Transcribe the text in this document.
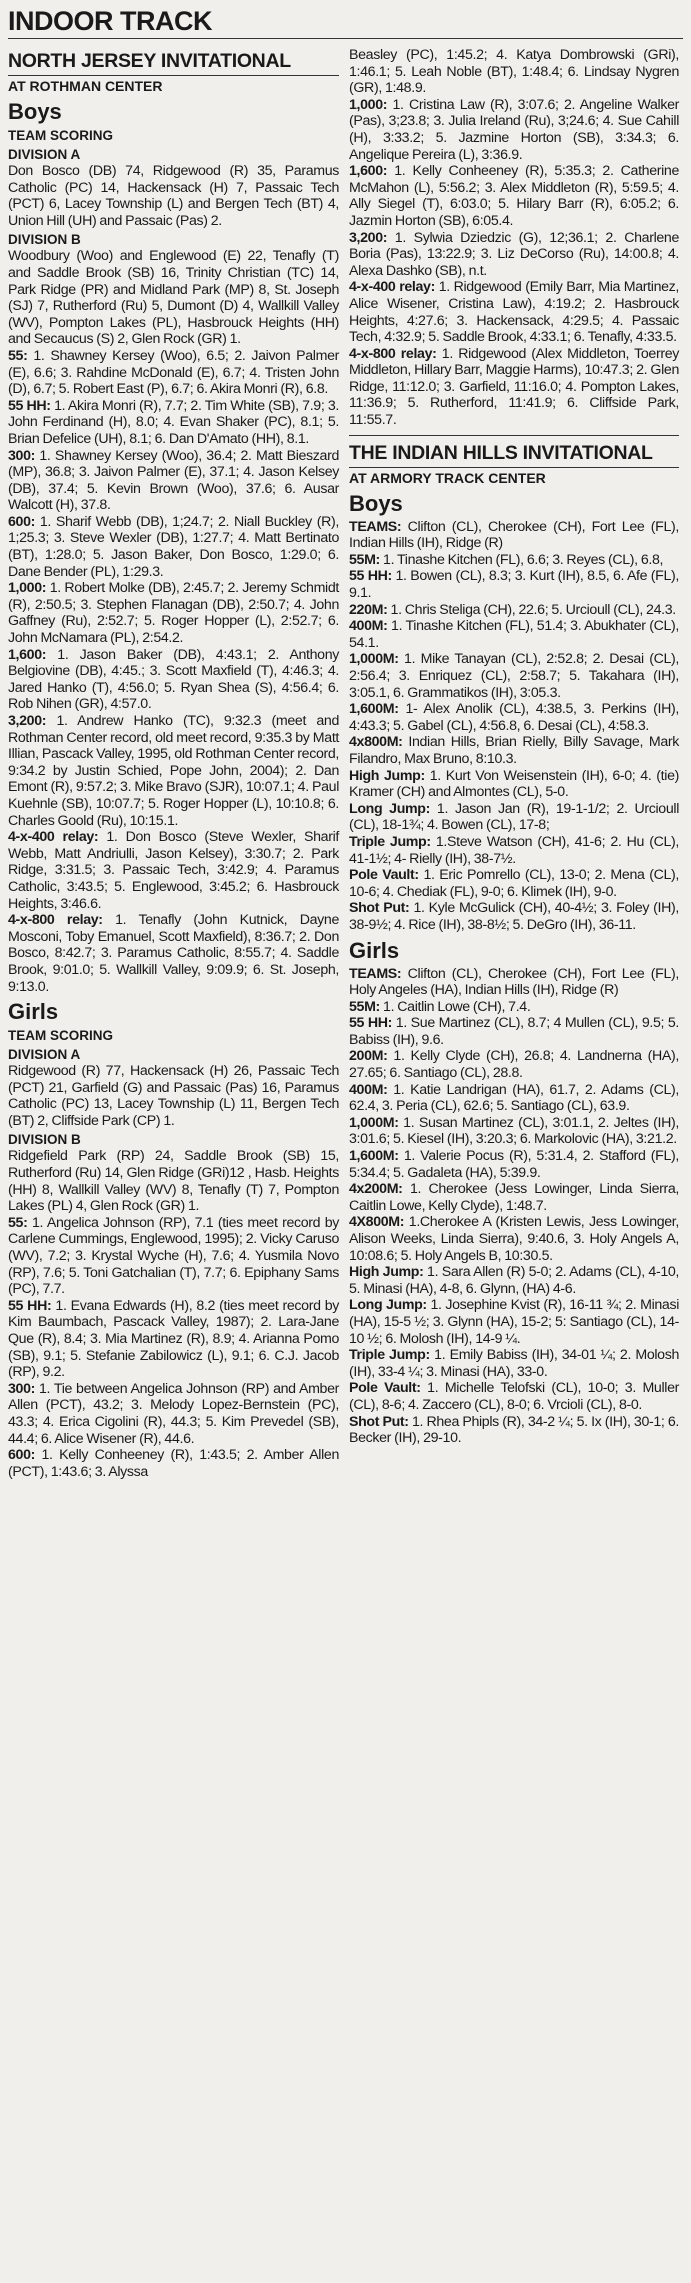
INDOOR TRACK
NORTH JERSEY INVITATIONAL
AT ROTHMAN CENTER
Boys
TEAM SCORING
DIVISION A

Don Bosco (DB) 74, Ridgewood (R) 35, Paramus Catholic (PC) 14, Hackensack (H) 7, Passaic Tech (PCT) 6, Lacey Township (L) and Bergen Tech (BT) 4, Union Hill (UH) and Passaic (Pas) 2.

DIVISION B

Woodbury (Woo) and Englewood (E) 22, Tenafly (T) and Saddle Brook (SB) 16, Trinity Christian (TC) 14, Park Ridge (PR) and Midland Park (MP) 8, St. Joseph (SJ) 7, Rutherford (Ru) 5, Dumont (D) 4, Wallkill Valley (WV), Pompton Lakes (PL), Hasbrouck Heights (HH) and Secaucus (S) 2, Glen Rock (GR) 1.

55: 1. Shawney Kersey (Woo), 6.5; 2. Jaivon Palmer (E), 6.6; 3. Rahdine McDonald (E), 6.7; 4. Tristen John (D), 6.7; 5. Robert East (P), 6.7; 6. Akira Monri (R), 6.8.

55 HH: 1. Akira Monri (R), 7.7; 2. Tim White (SB), 7.9; 3. John Ferdinand (H), 8.0; 4. Evan Shaker (PC), 8.1; 5. Brian Defelice (UH), 8.1; 6. Dan D'Amato (HH), 8.1.

300: 1. Shawney Kersey (Woo), 36.4; 2. Matt Bieszard (MP), 36.8; 3. Jaivon Palmer (E), 37.1; 4. Jason Kelsey (DB), 37.4; 5. Kevin Brown (Woo), 37.6; 6. Ausar Walcott (H), 37.8.

600: 1. Sharif Webb (DB), 1;24.7; 2. Niall Buckley (R), 1;25.3; 3. Steve Wexler (DB), 1:27.7; 4. Matt Bertinato (BT), 1:28.0; 5. Jason Baker, Don Bosco, 1:29.0; 6. Dane Bender (PL), 1:29.3.

1,000: 1. Robert Molke (DB), 2:45.7; 2. Jeremy Schmidt (R), 2:50.5; 3. Stephen Flanagan (DB), 2:50.7; 4. John Gaffney (Ru), 2:52.7; 5. Roger Hopper (L), 2:52.7; 6. John McNamara (PL), 2:54.2.

1,600: 1. Jason Baker (DB), 4:43.1; 2. Anthony Belgiovine (DB), 4:45.; 3. Scott Maxfield (T), 4:46.3; 4. Jared Hanko (T), 4:56.0; 5. Ryan Shea (S), 4:56.4; 6. Rob Nihen (GR), 4:57.0.

3,200: 1. Andrew Hanko (TC), 9:32.3 (meet and Rothman Center record, old meet record, 9:35.3 by Matt Illian, Pascack Valley, 1995, old Rothman Center record, 9:34.2 by Justin Schied, Pope John, 2004); 2. Dan Emont (R), 9:57.2; 3. Mike Bravo (SJR), 10:07.1; 4. Paul Kuehnle (SB), 10:07.7; 5. Roger Hopper (L), 10:10.8; 6. Charles Goold (Ru), 10:15.1.

4-x-400 relay: 1. Don Bosco (Steve Wexler, Sharif Webb, Matt Andriulli, Jason Kelsey), 3:30.7; 2. Park Ridge, 3:31.5; 3. Passaic Tech, 3:42.9; 4. Paramus Catholic, 3:43.5; 5. Englewood, 3:45.2; 6. Hasbrouck Heights, 3:46.6.

4-x-800 relay: 1. Tenafly (John Kutnick, Dayne Mosconi, Toby Emanuel, Scott Maxfield), 8:36.7; 2. Don Bosco, 8:42.7; 3. Paramus Catholic, 8:55.7; 4. Saddle Brook, 9:01.0; 5. Wallkill Valley, 9:09.9; 6. St. Joseph, 9:13.0.

Girls
TEAM SCORING
DIVISION A

Ridgewood (R) 77, Hackensack (H) 26, Passaic Tech (PCT) 21, Garfield (G) and Passaic (Pas) 16, Paramus Catholic (PC) 13, Lacey Township (L) 11, Bergen Tech (BT) 2, Cliffside Park (CP) 1.

DIVISION B

Ridgefield Park (RP) 24, Saddle Brook (SB) 15, Rutherford (Ru) 14, Glen Ridge (GRi)12 , Hasb. Heights (HH) 8, Wallkill Valley (WV) 8, Tenafly (T) 7, Pompton Lakes (PL) 4, Glen Rock (GR) 1.

55: 1. Angelica Johnson (RP), 7.1 (ties meet record by Carlene Cummings, Englewood, 1995); 2. Vicky Caruso (WV), 7.2; 3. Krystal Wyche (H), 7.6; 4. Yusmila Novo (RP), 7.6; 5. Toni Gatchalian (T), 7.7; 6. Epiphany Sams (PC), 7.7.

55 HH: 1. Evana Edwards (H), 8.2 (ties meet record by Kim Baumbach, Pascack Valley, 1987); 2. Lara-Jane Que (R), 8.4; 3. Mia Martinez (R), 8.9; 4. Arianna Pomo (SB), 9.1; 5. Stefanie Zabilowicz (L), 9.1; 6. C.J. Jacob (RP), 9.2.

300: 1. Tie between Angelica Johnson (RP) and Amber Allen (PCT), 43.2; 3. Melody Lopez-Bernstein (PC), 43.3; 4. Erica Cigolini (R), 44.3; 5. Kim Prevedel (SB), 44.4; 6. Alice Wisener (R), 44.6.

600: 1. Kelly Conheeney (R), 1:43.5; 2. Amber Allen (PCT), 1:43.6; 3. Alyssa

Beasley (PC), 1:45.2; 4. Katya Dombrowski (GRi), 1:46.1; 5. Leah Noble (BT), 1:48.4; 6. Lindsay Nygren (GR), 1:48.9.

1,000: 1. Cristina Law (R), 3:07.6; 2. Angeline Walker (Pas), 3;23.8; 3. Julia Ireland (Ru), 3;24.6; 4. Sue Cahill (H), 3:33.2; 5. Jazmine Horton (SB), 3:34.3; 6. Angelique Pereira (L), 3:36.9.

1,600: 1. Kelly Conheeney (R), 5:35.3; 2. Catherine McMahon (L), 5:56.2; 3. Alex Middleton (R), 5:59.5; 4. Ally Siegel (T), 6:03.0; 5. Hilary Barr (R), 6:05.2; 6. Jazmin Horton (SB), 6:05.4.

3,200: 1. Sylwia Dziedzic (G), 12;36.1; 2. Charlene Boria (Pas), 13:22.9; 3. Liz DeCorso (Ru), 14:00.8; 4. Alexa Dashko (SB), n.t.

4-x-400 relay: 1. Ridgewood (Emily Barr, Mia Martinez, Alice Wisener, Cristina Law), 4:19.2; 2. Hasbrouck Heights, 4:27.6; 3. Hackensack, 4:29.5; 4. Passaic Tech, 4:32.9; 5. Saddle Brook, 4:33.1; 6. Tenafly, 4:33.5.

4-x-800 relay: 1. Ridgewood (Alex Middleton, Toerrey Middleton, Hillary Barr, Maggie Harms), 10:47.3; 2. Glen Ridge, 11:12.0; 3. Garfield, 11:16.0; 4. Pompton Lakes, 11:36.9; 5. Rutherford, 11:41.9; 6. Cliffside Park, 11:55.7.

THE INDIAN HILLS INVITATIONAL
AT ARMORY TRACK CENTER
Boys

TEAMS: Clifton (CL), Cherokee (CH), Fort Lee (FL), Indian Hills (IH), Ridge (R)

55M: 1. Tinashe Kitchen (FL), 6.6; 3. Reyes (CL), 6.8,

55 HH: 1. Bowen (CL), 8.3; 3. Kurt (IH), 8.5, 6. Afe (FL), 9.1.

220M: 1. Chris Steliga (CH), 22.6; 5. Urcioull (CL), 24.3.

400M: 1. Tinashe Kitchen (FL), 51.4; 3. Abukhater (CL), 54.1.

1,000M: 1. Mike Tanayan (CL), 2:52.8; 2. Desai (CL), 2:56.4; 3. Enriquez (CL), 2:58.7; 5. Takahara (IH), 3:05.1, 6. Grammatikos (IH), 3:05.3.

1,600M: 1- Alex Anolik (CL), 4:38.5, 3. Perkins (IH), 4:43.3; 5. Gabel (CL), 4:56.8, 6. Desai (CL), 4:58.3.

4x800M: Indian Hills, Brian Rielly, Billy Savage, Mark Filandro, Max Bruno, 8:10.3.

High Jump: 1. Kurt Von Weisenstein (IH), 6-0; 4. (tie) Kramer (CH) and Almontes (CL), 5-0.

Long Jump: 1. Jason Jan (R), 19-1-1/2; 2. Urcioull (CL), 18-1¾; 4. Bowen (CL), 17-8;

Triple Jump: 1.Steve Watson (CH), 41-6; 2. Hu (CL), 41-1½; 4- Rielly (IH), 38-7½.

Pole Vault: 1. Eric Pomrello (CL), 13-0; 2. Mena (CL), 10-6; 4. Chediak (FL), 9-0; 6. Klimek (IH), 9-0.

Shot Put: 1. Kyle McGulick (CH), 40-4½; 3. Foley (IH), 38-9½; 4. Rice (IH), 38-8½; 5. DeGro (IH), 36-11.

Girls

TEAMS: Clifton (CL), Cherokee (CH), Fort Lee (FL), Holy Angeles (HA), Indian Hills (IH), Ridge (R)

55M: 1. Caitlin Lowe (CH), 7.4.

55 HH: 1. Sue Martinez (CL), 8.7; 4 Mullen (CL), 9.5; 5. Babiss (IH), 9.6.

200M: 1. Kelly Clyde (CH), 26.8; 4. Landnerna (HA), 27.65; 6. Santiago (CL), 28.8.

400M: 1. Katie Landrigan (HA), 61.7, 2. Adams (CL), 62.4, 3. Peria (CL), 62.6; 5. Santiago (CL), 63.9.

1,000M: 1. Susan Martinez (CL), 3:01.1, 2. Jeltes (IH), 3:01.6; 5. Kiesel (IH), 3:20.3; 6. Markolovic (HA), 3:21.2.

1,600M: 1. Valerie Pocus (R), 5:31.4, 2. Stafford (FL), 5:34.4; 5. Gadaleta (HA), 5:39.9.

4x200M: 1. Cherokee (Jess Lowinger, Linda Sierra, Caitlin Lowe, Kelly Clyde), 1:48.7.

4X800M: 1.Cherokee A (Kristen Lewis, Jess Lowinger, Alison Weeks, Linda Sierra), 9:40.6, 3. Holy Angels A, 10:08.6; 5. Holy Angels B, 10:30.5.

High Jump: 1. Sara Allen (R) 5-0; 2. Adams (CL), 4-10, 5. Minasi (HA), 4-8, 6. Glynn, (HA) 4-6.

Long Jump: 1. Josephine Kvist (R), 16-11 ¾; 2. Minasi (HA), 15-5 ½; 3. Glynn (HA), 15-2; 5: Santiago (CL), 14-10 ½; 6. Molosh (IH), 14-9 ¼.

Triple Jump: 1. Emily Babiss (IH), 34-01 ¼; 2. Molosh (IH), 33-4 ¼; 3. Minasi (HA), 33-0.

Pole Vault: 1. Michelle Telofski (CL), 10-0; 3. Muller (CL), 8-6; 4. Zaccero (CL), 8-0; 6. Vrcioli (CL), 8-0.

Shot Put: 1. Rhea Phipls (R), 34-2 ¼; 5. Ix (IH), 30-1; 6. Becker (IH), 29-10.
